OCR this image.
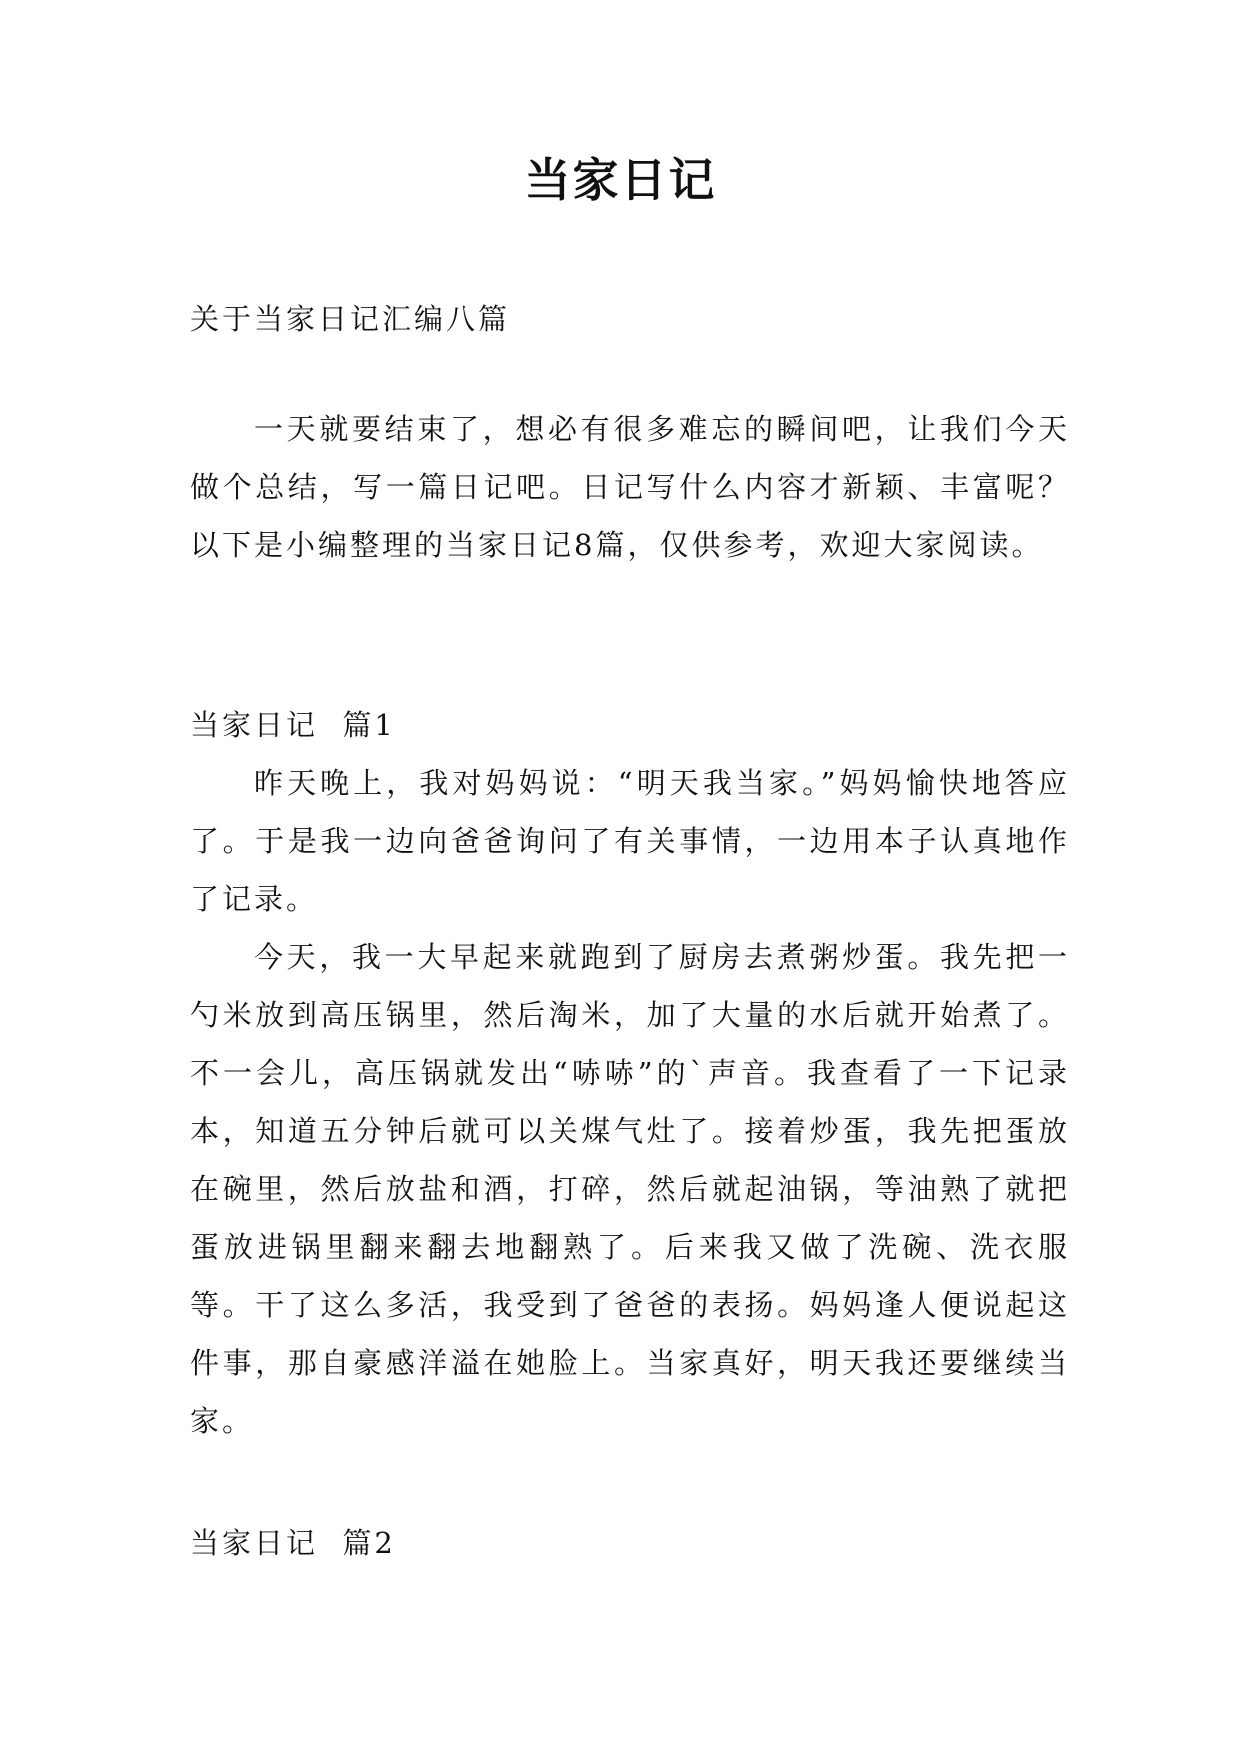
当家日记

关于当家日记汇编八篇

一天就要结束了，想必有很多难忘的瞬间吧，让我们今天做个总结，写一篇日记吧。日记写什么内容才新颖、丰富呢？以下是小编整理的当家日记8篇，仅供参考，欢迎大家阅读。

当家日记  篇1

昨天晚上，我对妈妈说：“明天我当家。”妈妈愉快地答应了。于是我一边向爸爸询问了有关事情，一边用本子认真地作了记录。

今天，我一大早起来就跑到了厨房去煮粥炒蛋。我先把一勺米放到高压锅里，然后淘米，加了大量的水后就开始煮了。不一会儿，高压锅就发出“哧哧”的`声音。我查看了一下记录本，知道五分钟后就可以关煤气灶了。接着炒蛋，我先把蛋放在碗里，然后放盐和酒，打碎，然后就起油锅，等油熟了就把蛋放进锅里翻来翻去地翻熟了。后来我又做了洗碗、洗衣服等。干了这么多活，我受到了爸爸的表扬。妈妈逢人便说起这件事，那自豪感洋溢在她脸上。当家真好，明天我还要继续当家。

当家日记  篇2
